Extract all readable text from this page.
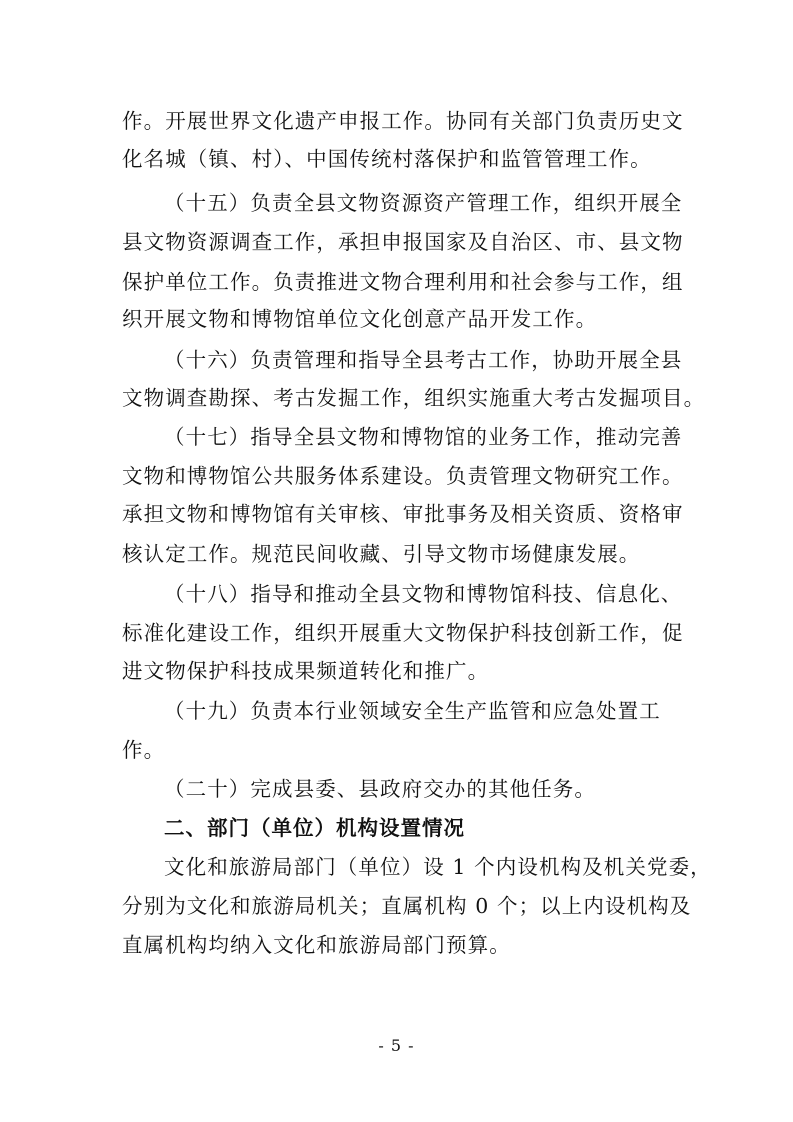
作。开展世界文化遗产申报工作。协同有关部门负责历史文
化名城（镇、村）、中国传统村落保护和监管管理工作。
（十五）负责全县文物资源资产管理工作，组织开展全
县文物资源调查工作，承担申报国家及自治区、市、县文物
保护单位工作。负责推进文物合理利用和社会参与工作，组
织开展文物和博物馆单位文化创意产品开发工作。
（十六）负责管理和指导全县考古工作，协助开展全县
文物调查勘探、考古发掘工作，组织实施重大考古发掘项目。
（十七）指导全县文物和博物馆的业务工作，推动完善
文物和博物馆公共服务体系建设。负责管理文物研究工作。
承担文物和博物馆有关审核、审批事务及相关资质、资格审
核认定工作。规范民间收藏、引导文物市场健康发展。
（十八）指导和推动全县文物和博物馆科技、信息化、
标准化建设工作，组织开展重大文物保护科技创新工作，促
进文物保护科技成果频道转化和推广。
（十九）负责本行业领域安全生产监管和应急处置工
作。
（二十）完成县委、县政府交办的其他任务。
二、部门（单位）机构设置情况
文化和旅游局部门（单位）设 1 个内设机构及机关党委，
分别为文化和旅游局机关；直属机构 0 个；以上内设机构及
直属机构均纳入文化和旅游局部门预算。
- 5 -
